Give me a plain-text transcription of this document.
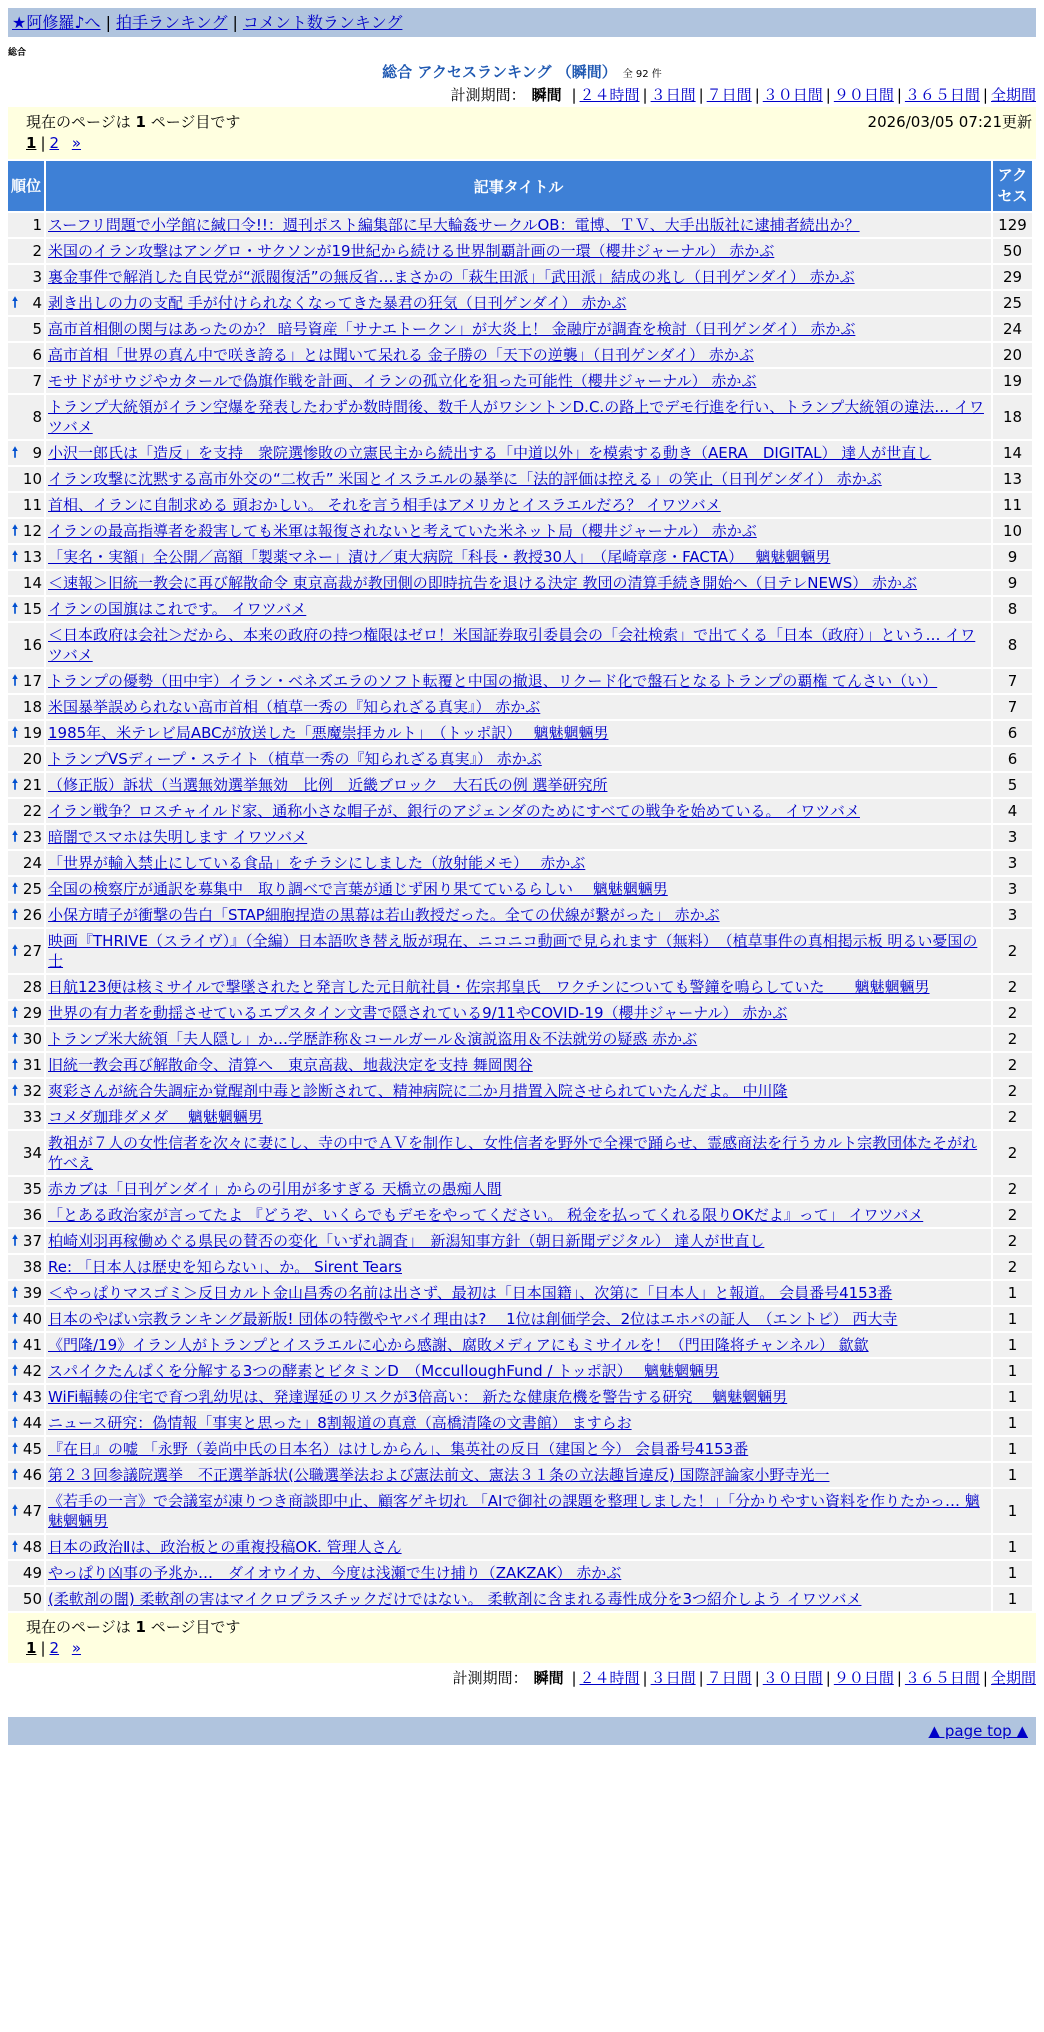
★阿修羅♪へ | 拍手ランキング | コメント数ランキング
総合
総合 アクセスランキング （瞬間） 全 92 件
計測期間： 瞬間 | ２４時間 | ３日間 | ７日間 | ３０日間 | ９０日間 | ３６５日間 | 全期間
現在のページは 1 ページ目です	2026/03/05 07:21更新
1 | 2 »
順位	記事タイトル	アクセス
1	スーフリ問題で小学館に緘口令!!：週刊ポスト編集部に早大輪姦サークルOB：電博、ＴＶ、大手出版社に逮捕者続出か？	129
2	米国のイラン攻撃はアングロ・サクソンが19世紀から続ける世界制覇計画の一環（櫻井ジャーナル） 赤かぶ	50
3	裏金事件で解消した自民党が“派閥復活”の無反省…まさかの「萩生田派」「武田派」結成の兆し（日刊ゲンダイ） 赤かぶ	29

🠕 4	剥き出しの力の支配 手が付けられなくなってきた暴君の狂気（日刊ゲンダイ） 赤かぶ	25
5	高市首相側の関与はあったのか？ 暗号資産「サナエトークン」が大炎上！ 金融庁が調査を検討（日刊ゲンダイ） 赤かぶ	24
6	高市首相「世界の真ん中で咲き誇る」とは聞いて呆れる 金子勝の「天下の逆襲」（日刊ゲンダイ） 赤かぶ	20
7	モサドがサウジやカタールで偽旗作戦を計画、イランの孤立化を狙った可能性（櫻井ジャーナル） 赤かぶ	19
8	トランプ大統領がイラン空爆を発表したわずか数時間後、数千人がワシントンD.C.の路上でデモ行進を行い、トランプ大統領の違法… イワツバメ	18

🠕 9	小沢一郎氏は「造反」を支持　衆院選惨敗の立憲民主から続出する「中道以外」を模索する動き（AERA　DIGITAL） 達人が世直し	14
10	イラン攻撃に沈黙する高市外交の“二枚舌” 米国とイスラエルの暴挙に「法的評価は控える」の笑止（日刊ゲンダイ） 赤かぶ	13
11	首相、イランに自制求める 頭おかしい。 それを言う相手はアメリカとイスラエルだろ？ イワツバメ	11

🠕 12	イランの最高指導者を殺害しても米軍は報復されないと考えていた米ネット局（櫻井ジャーナル） 赤かぶ	10

🠕 13	「実名・実額」全公開／高額「製薬マネー」漬け／東大病院「科長・教授30人」　（尾崎章彦・FACTA）　 魑魅魍魎男	9
14	＜速報＞旧統一教会に再び解散命令 東京高裁が教団側の即時抗告を退ける決定 教団の清算手続き開始へ（日テレNEWS） 赤かぶ	9

🠕 15	イランの国旗はこれです。 イワツバメ	8
16	＜日本政府は会社＞だから、本来の政府の持つ権限はゼロ！米国証券取引委員会の「会社検索」で出てくる「日本（政府）」という… イワツバメ	8

🠕 17	トランプの優勢（田中宇）イラン・ベネズエラのソフト転覆と中国の撤退、リクード化で盤石となるトランプの覇権 てんさい（い）	7
18	米国暴挙誤められない高市首相（植草一秀の『知られざる真実』） 赤かぶ	7

🠕 19	1985年、米テレビ局ABCが放送した「悪魔崇拝カルト」　（トッポ訳）　 魑魅魍魎男	6
20	トランプVSディープ・ステイト（植草一秀の『知られざる真実』） 赤かぶ	6

🠕 21	（修正版）訴状（当選無効選挙無効　比例　近畿ブロック　大石氏の例 選挙研究所	5
22	イラン戦争？ロスチャイルド家、通称小さな帽子が、銀行のアジェンダのためにすべての戦争を始めている。 イワツバメ	4

🠕 23	暗闇でスマホは失明します イワツバメ	3
24	「世界が輸入禁止にしている食品」をチラシにしました（放射能メモ）　 赤かぶ	3

🠕 25	全国の検察庁が通訳を募集中　取り調べで言葉が通じず困り果てているらしい　 魑魅魍魎男	3

🠕 26	小保方晴子が衝撃の告白「STAP細胞捏造の黒幕は若山教授だった。全ての伏線が繋がった」 赤かぶ	3

🠕 27	映画『THRIVE（スライヴ）』（全編）日本語吹き替え版が現在、ニコニコ動画で見られます（無料）　（植草事件の真相掲示板 明るい憂国の士	2
28	日航123便は核ミサイルで撃墜されたと発言した元日航社員・佐宗邦皇氏　ワクチンについても警鐘を鳴らしていた　　魑魅魍魎男	2

🠕 29	世界の有力者を動揺させているエプスタイン文書で隠されている9/11やCOVID-19（櫻井ジャーナル） 赤かぶ	2

🠕 30	トランプ米大統領「夫人隠し」か…学歴詐称＆コールガール＆演説盗用＆不法就労の疑惑 赤かぶ	2

🠕 31	旧統一教会再び解散命令、清算へ　東京高裁、地裁決定を支持 舞岡関谷	2

🠕 32	爽彩さんが統合失調症か覚醒剤中毒と診断されて、精神病院に二か月措置入院させられていたんだよ。 中川隆	2
33	コメダ珈琲ダメダ　 魑魅魍魎男	2
34	教祖が７人の女性信者を次々に妻にし、寺の中でＡＶを制作し、女性信者を野外で全裸で踊らせ、霊感商法を行うカルト宗教団体たそがれ竹べえ	2
35	赤カブは「日刊ゲンダイ」からの引用が多すぎる 天橋立の愚痴人間	2
36	「とある政治家が言ってたよ 『どうぞ、いくらでもデモをやってください。 税金を払ってくれる限りOKだよ』って」 イワツバメ	2

🠕 37	柏崎刈羽再稼働めぐる県民の賛否の変化「いずれ調査」　新潟知事方針（朝日新聞デジタル） 達人が世直し	2
38	Re: 「日本人は歴史を知らない」、か。 Sirent Tears	2

🠕 39	＜やっぱりマスゴミ＞反日カルト金山昌秀の名前は出さず、最初は「日本国籍」、次第に「日本人」と報道。 会員番号4153番	1

🠕 40	日本のやばい宗教ランキング最新版! 団体の特徴やヤバイ理由は?　 1位は創価学会、2位はエホバの証人　（エントピ） 西大寺	1

🠕 41	《門隆/19》イラン人がトランプとイスラエルに心から感謝、腐敗メディアにもミサイルを！（門田隆将チャンネル） 歙歙	1

🠕 42	スパイクたんぱくを分解する3つの酵素とビタミンD　（McculloughFund / トッポ訳）　 魑魅魍魎男	1

🠕 43	WiFi輻輳の住宅で育つ乳幼児は、発達遅延のリスクが3倍高い： 新たな健康危機を警告する研究　 魑魅魍魎男	1

🠕 44	ニュース研究：偽情報「事実と思った」8割報道の真意（高橋清隆の文書館） ますらお	1

🠕 45	『在日』の嘘 「永野（姜尚中氏の日本名）はけしからん」、集英社の反日（建国と今） 会員番号4153番	1

🠕 46	第２３回参議院選挙　不正選挙訴状(公職選挙法および憲法前文、憲法３１条の立法趣旨違反) 国際評論家小野寺光一	1

🠕 47	《若手の一言》で会議室が凍りつき商談即中止、顧客ゲキ切れ 「AIで御社の課題を整理しました！」「分かりやすい資料を作りたかっ… 魑魅魍魎男	1

🠕 48	日本の政治Ⅱは、政治板との重複投稿OK. 管理人さん	1
49	やっぱり凶事の予兆か…　ダイオウイカ、今度は浅瀬で生け捕り（ZAKZAK） 赤かぶ	1
50	(柔軟剤の闇) 柔軟剤の害はマイクロプラスチックだけではない。 柔軟剤に含まれる毒性成分を3つ紹介しよう イワツバメ	1
現在のページは 1 ページ目です
1 | 2 »
計測期間： 瞬間 | ２４時間 | ３日間 | ７日間 | ３０日間 | ９０日間 | ３６５日間 | 全期間
▲ page top ▲
